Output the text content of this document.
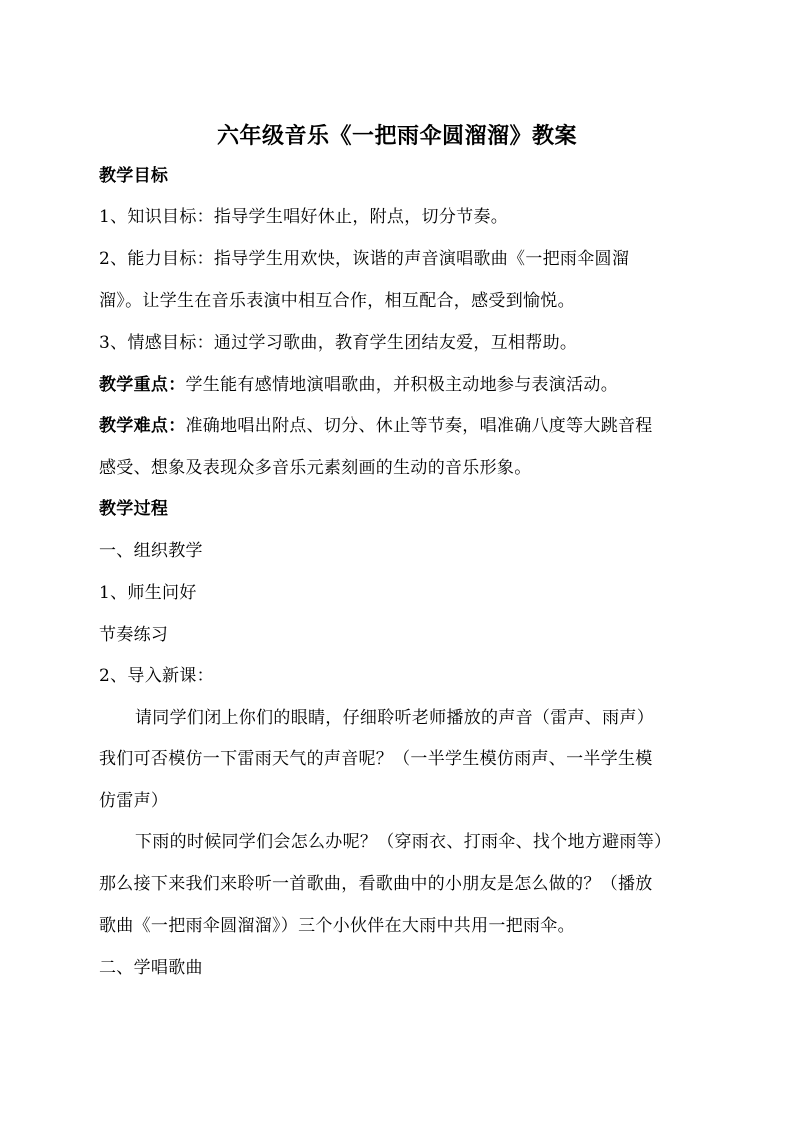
六年级音乐《一把雨伞圆溜溜》教案
教学目标
1、知识目标：指导学生唱好休止，附点，切分节奏。
2、能力目标：指导学生用欢快，诙谐的声音演唱歌曲《一把雨伞圆溜
溜》。让学生在音乐表演中相互合作，相互配合，感受到愉悦。
3、情感目标：通过学习歌曲，教育学生团结友爱，互相帮助。
教学重点：学生能有感情地演唱歌曲，并积极主动地参与表演活动。
教学难点：准确地唱出附点、切分、休止等节奏，唱准确八度等大跳音程
感受、想象及表现众多音乐元素刻画的生动的音乐形象。
教学过程
一、组织教学
1、师生问好
节奏练习
2、导入新课：
请同学们闭上你们的眼睛，仔细聆听老师播放的声音（雷声、雨声）
我们可否模仿一下雷雨天气的声音呢？（一半学生模仿雨声、一半学生模
仿雷声）
下雨的时候同学们会怎么办呢？（穿雨衣、打雨伞、找个地方避雨等）
那么接下来我们来聆听一首歌曲，看歌曲中的小朋友是怎么做的？（播放
歌曲《一把雨伞圆溜溜》）三个小伙伴在大雨中共用一把雨伞。
二、学唱歌曲
